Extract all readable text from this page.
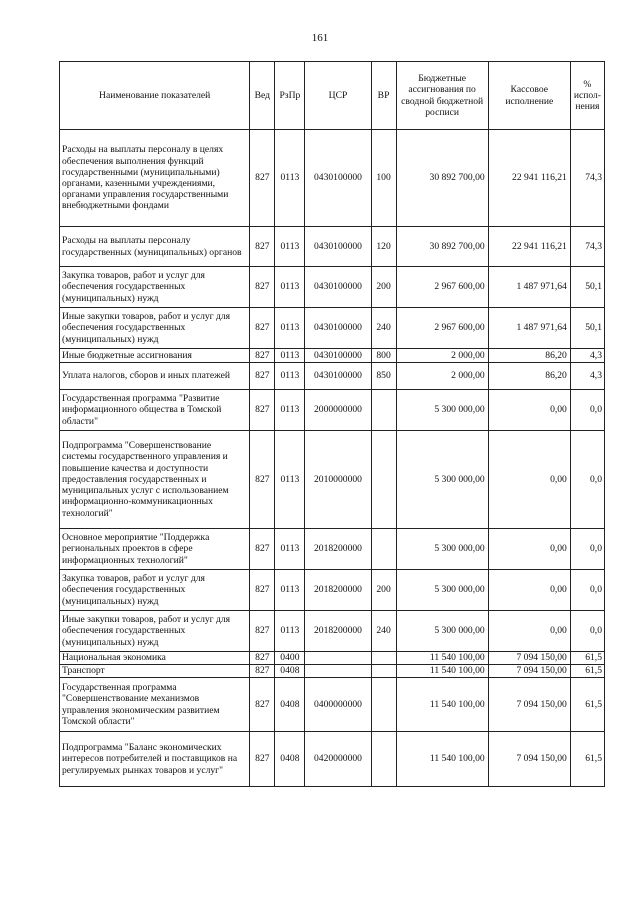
161
Наименование показателей	Вед	РзПр	ЦСР	ВР	Бюджетные ассигнования по сводной бюджетной росписи	Кассовое исполнение	% испол-нения
Расходы на выплаты персоналу в целях обеспечения выполнения функций государственными (муниципальными) органами, казенными учреждениями, органами управления государственными внебюджетными фондами	827	0113	0430100000	100	30 892 700,00	22 941 116,21	74,3
Расходы на выплаты персоналу государственных (муниципальных) органов	827	0113	0430100000	120	30 892 700,00	22 941 116,21	74,3
Закупка товаров, работ и услуг для обеспечения государственных (муниципальных) нужд	827	0113	0430100000	200	2 967 600,00	1 487 971,64	50,1
Иные закупки товаров, работ и услуг для обеспечения государственных (муниципальных) нужд	827	0113	0430100000	240	2 967 600,00	1 487 971,64	50,1
Иные бюджетные ассигнования	827	0113	0430100000	800	2 000,00	86,20	4,3
Уплата налогов, сборов и иных платежей	827	0113	0430100000	850	2 000,00	86,20	4,3
Государственная программа "Развитие информационного общества в Томской области"	827	0113	2000000000		5 300 000,00	0,00	0,0
Подпрограмма "Совершенствование системы государственного управления и повышение качества и доступности предоставления государственных и муниципальных услуг с использованием информационно-коммуникационных технологий"	827	0113	2010000000		5 300 000,00	0,00	0,0
Основное мероприятие "Поддержка региональных проектов в сфере информационных технологий"	827	0113	2018200000		5 300 000,00	0,00	0,0
Закупка товаров, работ и услуг для обеспечения государственных (муниципальных) нужд	827	0113	2018200000	200	5 300 000,00	0,00	0,0
Иные закупки товаров, работ и услуг для обеспечения государственных (муниципальных) нужд	827	0113	2018200000	240	5 300 000,00	0,00	0,0
Национальная экономика	827	0400			11 540 100,00	7 094 150,00	61,5
Транспорт	827	0408			11 540 100,00	7 094 150,00	61,5
Государственная программа "Совершенствование механизмов управления экономическим развитием Томской области"	827	0408	0400000000		11 540 100,00	7 094 150,00	61,5
Подпрограмма "Баланс экономических интересов потребителей и поставщиков на регулируемых рынках товаров и услуг"	827	0408	0420000000		11 540 100,00	7 094 150,00	61,5
